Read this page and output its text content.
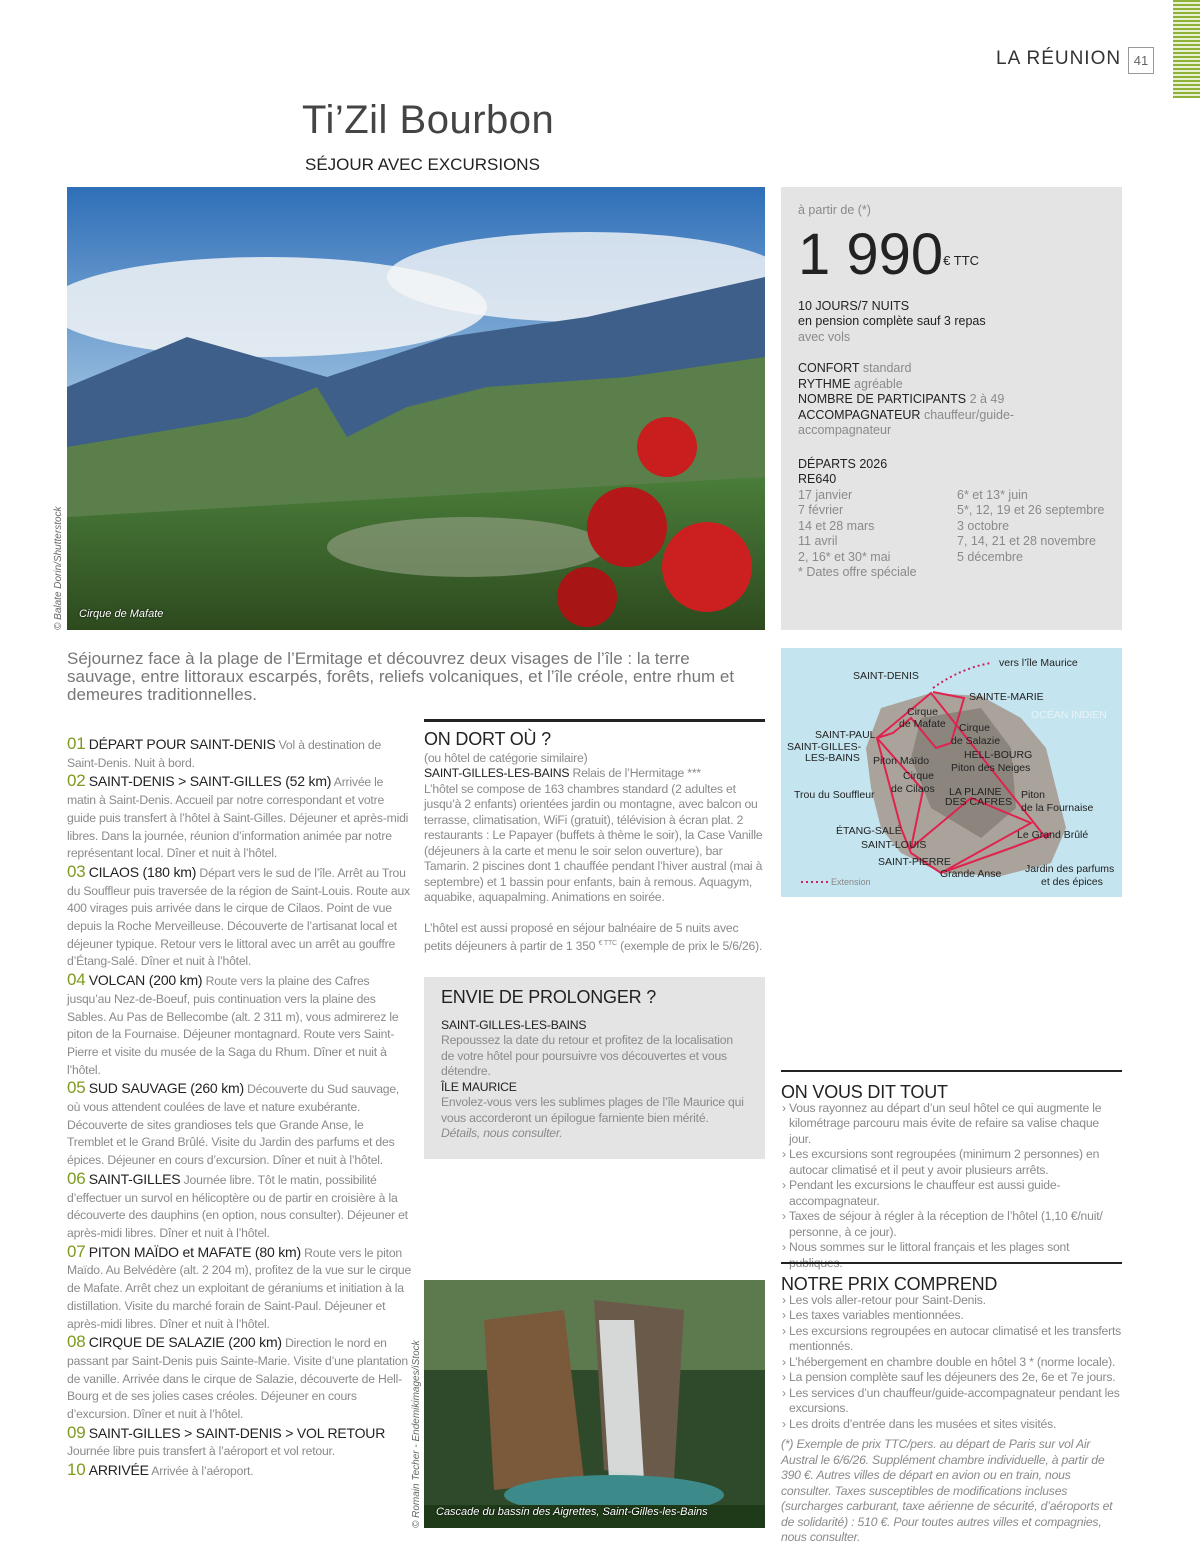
LA RÉUNION 41
Ti’Zil Bourbon
SÉJOUR AVEC EXCURSIONS
Cirque de Mafate
© Balate Dorin/Shutterstock
à partir de (*)
1 $990^{€ TTC}$
10 JOURS/7 NUITS
en pension complète sauf 3 repas
avec vols
CONFORT standard
RYTHME agréable
NOMBRE DE PARTICIPANTS 2 à 49
ACCOMPAGNATEUR chauffeur/guide-accompagnateur
DÉPARTS 2026
RE640
17 janvier
7 février
14 et 28 mars
11 avril
2, 16* et 30* mai
* Dates offre spéciale
6* et 13* juin
5*, 12, 19 et 26 septembre
3 octobre
7, 14, 21 et 28 novembre
5 décembre
Séjournez face à la plage de l’Ermitage et découvrez deux visages de l’île : la terre sauvage, entre littoraux escarpés, forêts, reliefs volcaniques, et l’île créole, entre rhum et demeures traditionnelles.
01 DÉPART POUR SAINT-DENIS Vol à destination de Saint-Denis. Nuit à bord.
02 SAINT-DENIS > SAINT-GILLES (52 km) Arrivée le matin à Saint-Denis. Accueil par notre correspondant et votre guide puis transfert à l’hôtel à Saint-Gilles. Déjeuner et après-midi libres. Dans la journée, réunion d’information animée par notre représentant local. Dîner et nuit à l’hôtel.
03 CILAOS (180 km) Départ vers le sud de l’île. Arrêt au Trou du Souffleur puis traversée de la région de Saint-Louis. Route aux 400 virages puis arrivée dans le cirque de Cilaos. Point de vue depuis la Roche Merveilleuse. Découverte de l’artisanat local et déjeuner typique. Retour vers le littoral avec un arrêt au gouffre d’Étang-Salé. Dîner et nuit à l’hôtel.
04 VOLCAN (200 km) Route vers la plaine des Cafres jusqu’au Nez-de-Boeuf, puis continuation vers la plaine des Sables. Au Pas de Bellecombe (alt. 2 311 m), vous admirerez le piton de la Fournaise. Déjeuner montagnard. Route vers Saint-Pierre et visite du musée de la Saga du Rhum. Dîner et nuit à l’hôtel.
05 SUD SAUVAGE (260 km) Découverte du Sud sauvage, où vous attendent coulées de lave et nature exubérante. Découverte de sites grandioses tels que Grande Anse, le Tremblet et le Grand Brûlé. Visite du Jardin des parfums et des épices. Déjeuner en cours d’excursion. Dîner et nuit à l’hôtel.
06 SAINT-GILLES Journée libre. Tôt le matin, possibilité d’effectuer un survol en hélicoptère ou de partir en croisière à la découverte des dauphins (en option, nous consulter). Déjeuner et après-midi libres. Dîner et nuit à l’hôtel.
07 PITON MAÏDO et MAFATE (80 km) Route vers le piton Maïdo. Au Belvédère (alt. 2 204 m), profitez de la vue sur le cirque de Mafate. Arrêt chez un exploitant de géraniums et initiation à la distillation. Visite du marché forain de Saint-Paul. Déjeuner et après-midi libres. Dîner et nuit à l’hôtel.
08 CIRQUE DE SALAZIE (200 km) Direction le nord en passant par Saint-Denis puis Sainte-Marie. Visite d’une plantation de vanille. Arrivée dans le cirque de Salazie, découverte de Hell-Bourg et de ses jolies cases créoles. Déjeuner en cours d’excursion. Dîner et nuit à l’hôtel.
09 SAINT-GILLES > SAINT-DENIS > VOL RETOUR Journée libre puis transfert à l’aéroport et vol retour.
10 ARRIVÉE Arrivée à l’aéroport.
ON DORT OÙ ?
(ou hôtel de catégorie similaire)
SAINT-GILLES-LES-BAINS Relais de l’Hermitage ***
L’hôtel se compose de 163 chambres standard (2 adultes et jusqu’à 2 enfants) orientées jardin ou montagne, avec balcon ou terrasse, climatisation, WiFi (gratuit), télévision à écran plat. 2 restaurants : Le Papayer (buffets à thème le soir), la Case Vanille (déjeuners à la carte et menu le soir selon ouverture), bar Tamarin. 2 piscines dont 1 chauffée pendant l’hiver austral (mai à septembre) et 1 bassin pour enfants, bain à remous. Aquagym, aquabike, aquapalming. Animations en soirée.
L’hôtel est aussi proposé en séjour balnéaire de 5 nuits avec petits déjeuners à partir de 1 350 $^{€ TTC}$ (exemple de prix le 5/6/26).
ENVIE DE PROLONGER ?
SAINT-GILLES-LES-BAINS
Repoussez la date du retour et profitez de la localisation de votre hôtel pour poursuivre vos découvertes et vous détendre.
ÎLE MAURICE
Envolez-vous vers les sublimes plages de l’île Maurice qui vous accorderont un épilogue farniente bien mérité.
Détails, nous consulter.
Cascade du bassin des Aigrettes, Saint-Gilles-les-Bains
© Romain Techer - Endemikimages/iStock
vers l’île Maurice
SAINT-DENIS
SAINTE-MARIE
OCÉAN INDIEN
Cirque
de Mafate Cirque
de Salazie
SAINT-PAUL
SAINT-GILLES-
LES-BAINS	HELL-BOURG
Piton Maïdo
Piton des Neiges
Cirque
de Cilaos
Trou du Souffleur	LA PLAINE
DES CAFRES
Piton
de la Fournaise
ÉTANG-SALÉ	Le Grand Brûlé
SAINT-LOUIS
SAINT-PIERRE
Jardin des parfums
et des épices
Grande Anse
Extension
ON VOUS DIT TOUT
› Vous rayonnez au départ d’un seul hôtel ce qui augmente le kilométrage parcouru mais évite de refaire sa valise chaque jour.
› Les excursions sont regroupées (minimum 2 personnes) en autocar climatisé et il peut y avoir plusieurs arrêts.
› Pendant les excursions le chauffeur est aussi guide-accompagnateur.
› Taxes de séjour à régler à la réception de l’hôtel (1,10 €/nuit/ personne, à ce jour).
› Nous sommes sur le littoral français et les plages sont publiques.
NOTRE PRIX COMPREND
› Les vols aller-retour pour Saint-Denis.
› Les taxes variables mentionnées.
› Les excursions regroupées en autocar climatisé et les transferts mentionnés.
› L’hébergement en chambre double en hôtel 3 * (norme locale).
› La pension complète sauf les déjeuners des 2e, 6e et 7e jours.
› Les services d’un chauffeur/guide-accompagnateur pendant les excursions.
› Les droits d’entrée dans les musées et sites visités.
(*) Exemple de prix TTC/pers. au départ de Paris sur vol Air Austral le 6/6/26. Supplément chambre individuelle, à partir de 390 €. Autres villes de départ en avion ou en train, nous consulter. Taxes susceptibles de modifications incluses (surcharges carburant, taxe aérienne de sécurité, d’aéroports et de solidarité) : 510 €. Pour toutes autres villes et compagnies, nous consulter.
